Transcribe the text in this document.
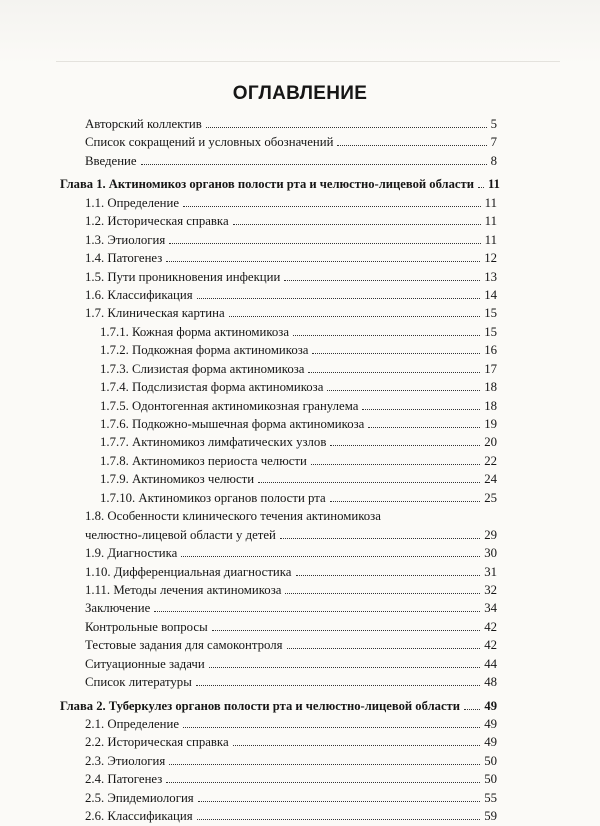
ОГЛАВЛЕНИЕ
Авторский коллектив	5
Список сокращений и условных обозначений	7
Введение	8
Глава 1. Актиномикоз органов полости рта и челюстно-лицевой области 11
1.1. Определение	11
1.2. Историческая справка	11
1.3. Этиология	11
1.4. Патогенез	12
1.5. Пути проникновения инфекции	13
1.6. Классификация	14
1.7. Клиническая картина	15
1.7.1. Кожная форма актиномикоза	15
1.7.2. Подкожная форма актиномикоза	16
1.7.3. Слизистая форма актиномикоза	17
1.7.4. Подслизистая форма актиномикоза	18
1.7.5. Одонтогенная актиномикозная гранулема	18
1.7.6. Подкожно-мышечная форма актиномикоза	19
1.7.7. Актиномикоз лимфатических узлов	20
1.7.8. Актиномикоз периоста челюсти	22
1.7.9. Актиномикоз челюсти	24
1.7.10. Актиномикоз органов полости рта	25
1.8. Особенности клинического течения актиномикоза
челюстно-лицевой области у детей	29
1.9. Диагностика	30
1.10. Дифференциальная диагностика	31
1.11. Методы лечения актиномикоза	32
Заключение	34
Контрольные вопросы	42
Тестовые задания для самоконтроля	42
Ситуационные задачи	44
Список литературы	48
Глава 2. Туберкулез органов полости рта и челюстно-лицевой области 49
2.1. Определение	49
2.2. Историческая справка	49
2.3. Этиология	50
2.4. Патогенез	50
2.5. Эпидемиология	55
2.6. Классификация	59
